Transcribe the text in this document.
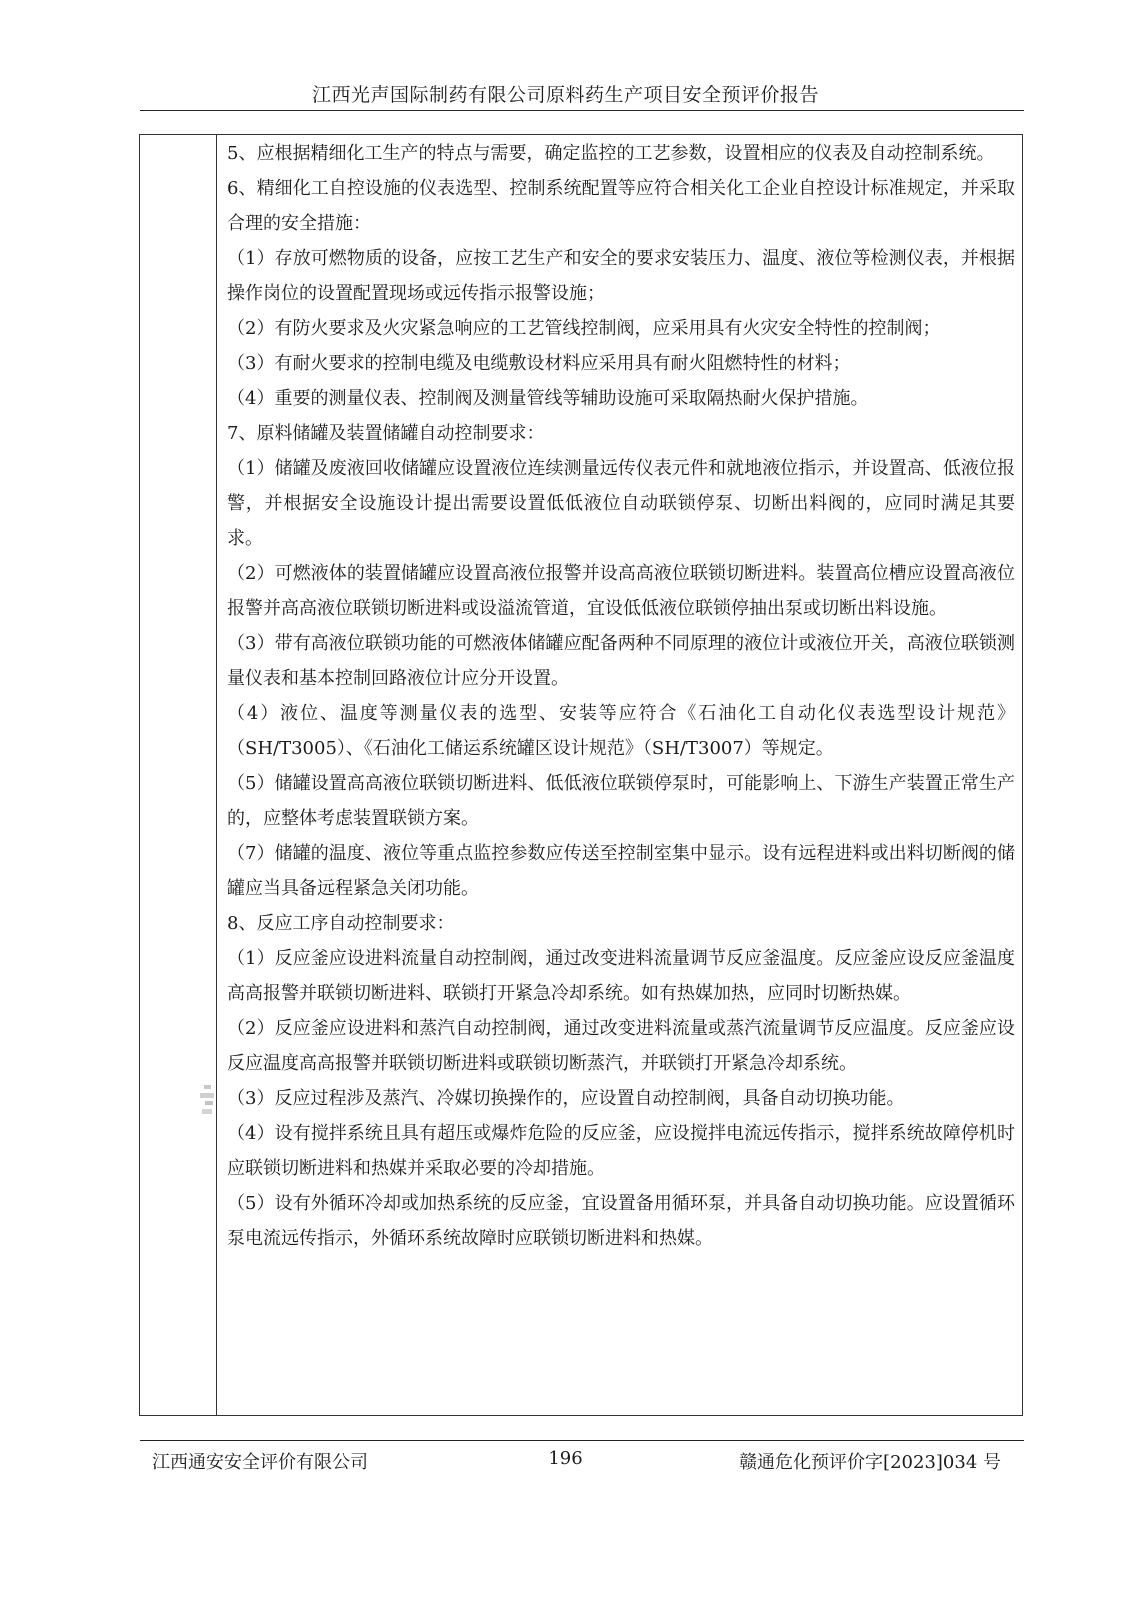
江西光声国际制药有限公司原料药生产项目安全预评价报告

5、应根据精细化工生产的特点与需要，确定监控的工艺参数，设置相应的仪表及自动控制系统。

6、精细化工自控设施的仪表选型、控制系统配置等应符合相关化工企业自控设计标准规定，并采取合理的安全措施：

（1）存放可燃物质的设备，应按工艺生产和安全的要求安装压力、温度、液位等检测仪表，并根据操作岗位的设置配置现场或远传指示报警设施；

（2）有防火要求及火灾紧急响应的工艺管线控制阀，应采用具有火灾安全特性的控制阀；

（3）有耐火要求的控制电缆及电缆敷设材料应采用具有耐火阻燃特性的材料；

（4）重要的测量仪表、控制阀及测量管线等辅助设施可采取隔热耐火保护措施。

7、原料储罐及装置储罐自动控制要求：

（1）储罐及废液回收储罐应设置液位连续测量远传仪表元件和就地液位指示，并设置高、低液位报警，并根据安全设施设计提出需要设置低低液位自动联锁停泵、切断出料阀的，应同时满足其要求。

（2）可燃液体的装置储罐应设置高液位报警并设高高液位联锁切断进料。装置高位槽应设置高液位报警并高高液位联锁切断进料或设溢流管道，宜设低低液位联锁停抽出泵或切断出料设施。

（3）带有高液位联锁功能的可燃液体储罐应配备两种不同原理的液位计或液位开关，高液位联锁测量仪表和基本控制回路液位计应分开设置。

（4）液位、温度等测量仪表的选型、安装等应符合《石油化工自动化仪表选型设计规范》（SH/T3005）、《石油化工储运系统罐区设计规范》（SH/T3007）等规定。

（5）储罐设置高高液位联锁切断进料、低低液位联锁停泵时，可能影响上、下游生产装置正常生产的，应整体考虑装置联锁方案。

（7）储罐的温度、液位等重点监控参数应传送至控制室集中显示。设有远程进料或出料切断阀的储罐应当具备远程紧急关闭功能。

8、反应工序自动控制要求：

（1）反应釜应设进料流量自动控制阀，通过改变进料流量调节反应釜温度。反应釜应设反应釜温度高高报警并联锁切断进料、联锁打开紧急冷却系统。如有热媒加热，应同时切断热媒。

（2）反应釜应设进料和蒸汽自动控制阀，通过改变进料流量或蒸汽流量调节反应温度。反应釜应设反应温度高高报警并联锁切断进料或联锁切断蒸汽，并联锁打开紧急冷却系统。

（3）反应过程涉及蒸汽、冷媒切换操作的，应设置自动控制阀，具备自动切换功能。

（4）设有搅拌系统且具有超压或爆炸危险的反应釜，应设搅拌电流远传指示，搅拌系统故障停机时应联锁切断进料和热媒并采取必要的冷却措施。

（5）设有外循环冷却或加热系统的反应釜，宜设置备用循环泵，并具备自动切换功能。应设置循环泵电流远传指示，外循环系统故障时应联锁切断进料和热媒。

江西通安安全评价有限公司	196	赣通危化预评价字[2023]034 号
